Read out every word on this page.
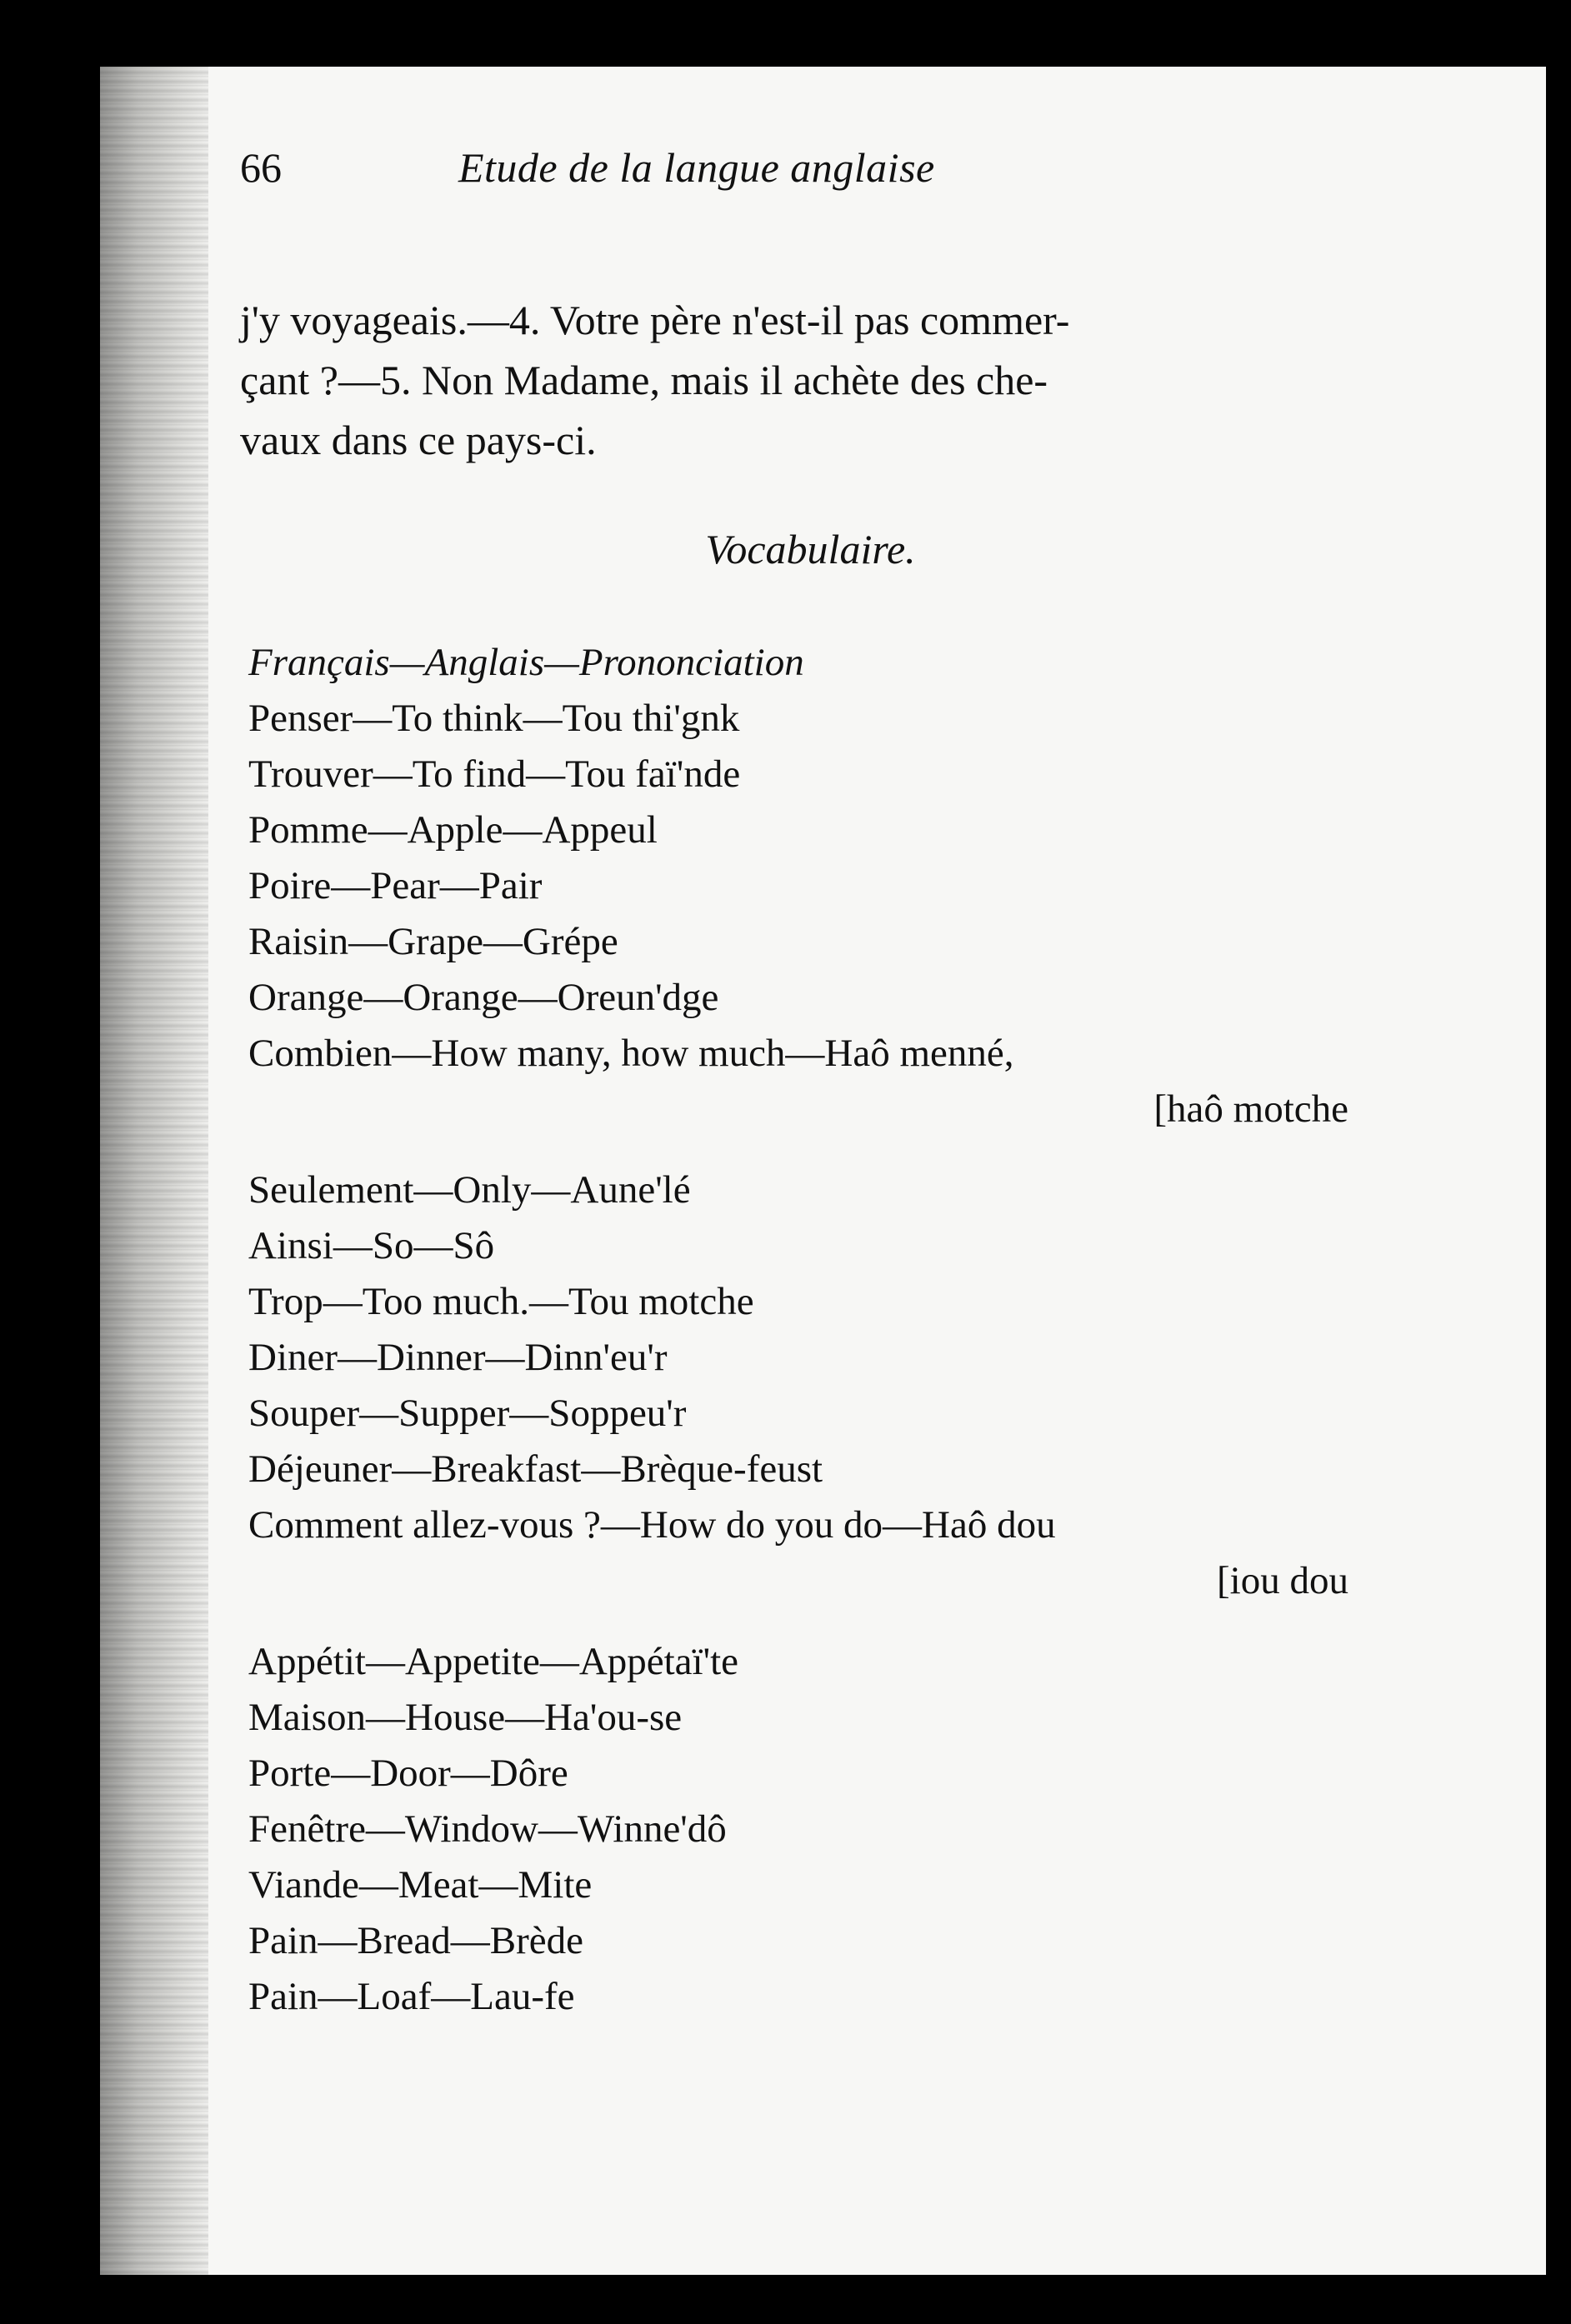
66	Etude de la langue anglaise

j'y voyageais.—4. Votre père n'est-il pas commer-
çant ?—5. Non Madame, mais il achète des che-
vaux dans ce pays-ci.

Vocabulaire.
Français—Anglais—Prononciation
Penser—To think—Tou thi'gnk
Trouver—To find—Tou faï'nde
Pomme—Apple—Appeul
Poire—Pear—Pair
Raisin—Grape—Grépe
Orange—Orange—Oreun'dge
Combien—How many, how much—Haô menné,
[haô motche
Seulement—Only—Aune'lé
Ainsi—So—Sô
Trop—Too much.—Tou motche
Diner—Dinner—Dinn'eu'r
Souper—Supper—Soppeu'r
Déjeuner—Breakfast—Brèque-feust
Comment allez-vous ?—How do you do—Haô dou
[iou dou
Appétit—Appetite—Appétaï'te
Maison—House—Ha'ou-se
Porte—Door—Dôre
Fenêtre—Window—Winne'dô
Viande—Meat—Mite
Pain—Bread—Brède
Pain—Loaf—Lau-fe
